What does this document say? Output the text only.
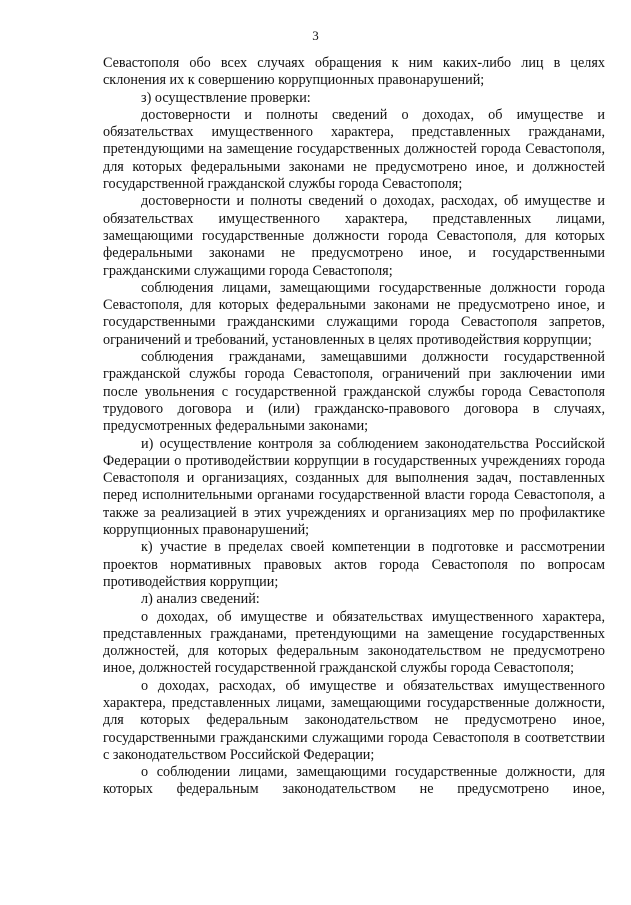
3

Севастополя обо всех случаях обращения к ним каких-либо лиц в целях склонения их к совершению коррупционных правонарушений;

з) осуществление проверки:

достоверности и полноты сведений о доходах, об имуществе и обязательствах имущественного характера, представленных гражданами, претендующими на замещение государственных должностей города Севастополя, для которых федеральными законами не предусмотрено иное, и должностей государственной гражданской службы города Севастополя;

достоверности и полноты сведений о доходах, расходах, об имуществе и обязательствах имущественного характера, представленных лицами, замещающими государственные должности города Севастополя, для которых федеральными законами не предусмотрено иное, и государственными гражданскими служащими города Севастополя;

соблюдения лицами, замещающими государственные должности города Севастополя, для которых федеральными законами не предусмотрено иное, и государственными гражданскими служащими города Севастополя запретов, ограничений и требований, установленных в целях противодействия коррупции;

соблюдения гражданами, замещавшими должности государственной гражданской службы города Севастополя, ограничений при заключении ими после увольнения с государственной гражданской службы города Севастополя трудового договора и (или) гражданско-правового договора в случаях, предусмотренных федеральными законами;

и) осуществление контроля за соблюдением законодательства Российской Федерации о противодействии коррупции в государственных учреждениях города Севастополя и организациях, созданных для выполнения задач, поставленных перед исполнительными органами государственной власти города Севастополя, а также за реализацией в этих учреждениях и организациях мер по профилактике коррупционных правонарушений;

к) участие в пределах своей компетенции в подготовке и рассмотрении проектов нормативных правовых актов города Севастополя по вопросам противодействия коррупции;

л) анализ сведений:

о доходах, об имуществе и обязательствах имущественного характера, представленных гражданами, претендующими на замещение государственных должностей, для которых федеральным законодательством не предусмотрено иное, должностей государственной гражданской службы города Севастополя;

о доходах, расходах, об имуществе и обязательствах имущественного характера, представленных лицами, замещающими государственные должности, для которых федеральным законодательством не предусмотрено иное, государственными гражданскими служащими города Севастополя в соответствии с законодательством Российской Федерации;

о соблюдении лицами, замещающими государственные должности, для которых федеральным законодательством не предусмотрено иное,
